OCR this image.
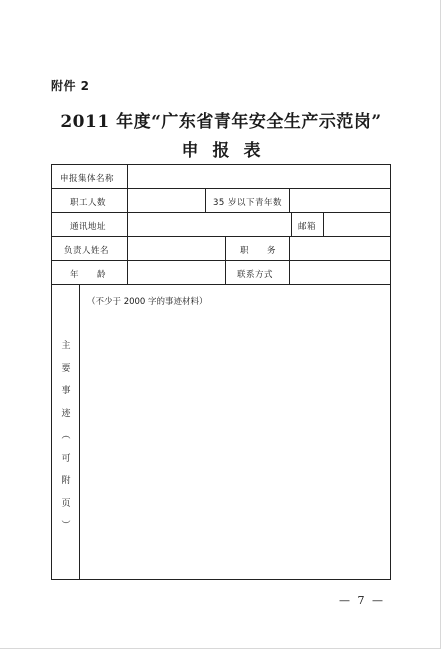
附件 2
2011 年度“广东省青年安全生产示范岗”
申报表
申报集体名称
职工人数	35 岁以下青年数
通讯地址	邮箱
负责人姓名	职　　务
年　　龄	联系方式
主
要
事
迹
︵
可
附
页
︶
（不少于 2000 字的事迹材料）
— 7 —
